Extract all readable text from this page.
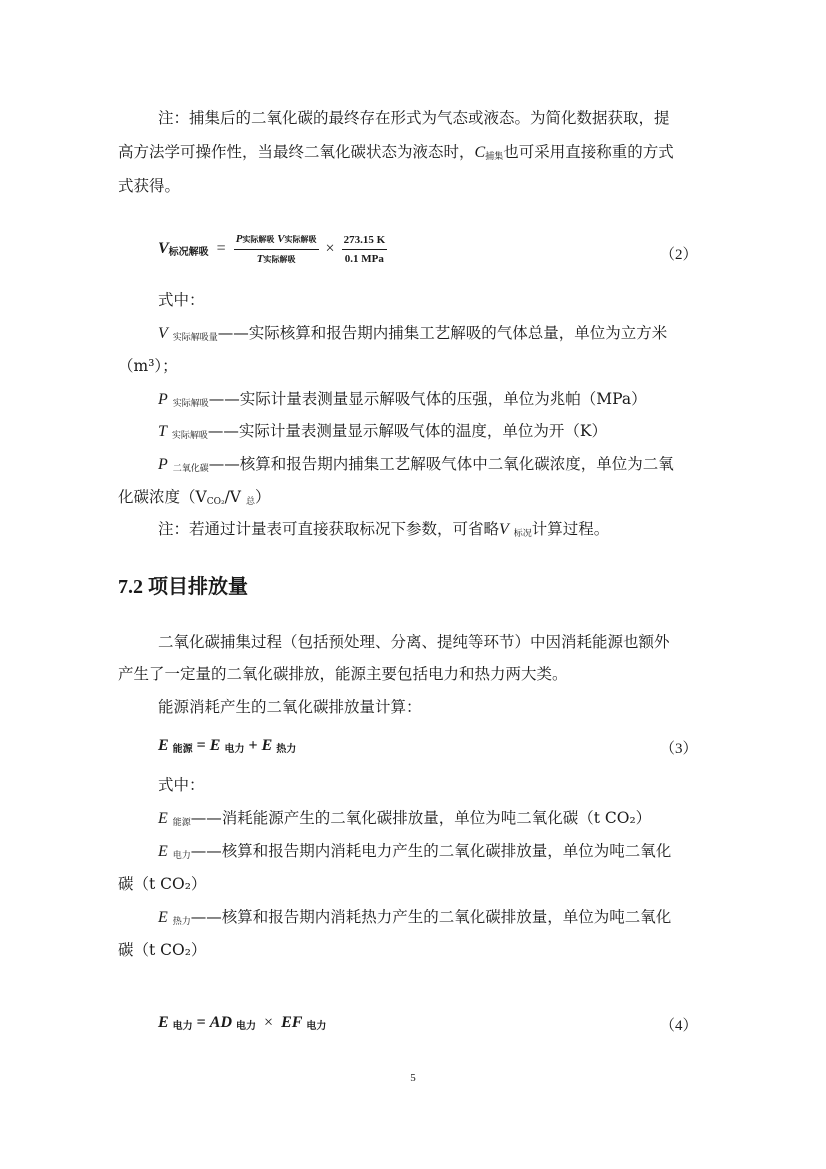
注：捕集后的二氧化碳的最终存在形式为气态或液态。为简化数据获取，提
高方法学可操作性，当最终二氧化碳状态为液态时，C捕集也可采用直接称重的方式
式获得。
V标况解吸 = $\frac{\text{P实际解吸 V实际解吸}}{\text{T实际解吸}} \times \frac{273.15 K}{\text{0.1 MPa}}$	（2）
式中：
V 实际解吸量——实际核算和报告期内捕集工艺解吸的气体总量，单位为立方米
（m³）；
P 实际解吸——实际计量表测量显示解吸气体的压强，单位为兆帕（MPa）
T 实际解吸——实际计量表测量显示解吸气体的温度，单位为开（K）
P 二氧化碳——核算和报告期内捕集工艺解吸气体中二氧化碳浓度，单位为二氧
化碳浓度（VCO₂/V 总）
注：若通过计量表可直接获取标况下参数，可省略V 标况计算过程。
7.2 项目排放量
二氧化碳捕集过程（包括预处理、分离、提纯等环节）中因消耗能源也额外
产生了一定量的二氧化碳排放，能源主要包括电力和热力两大类。
能源消耗产生的二氧化碳排放量计算：
E 能源 = E 电力 + E 热力	（3）
式中：
E 能源——消耗能源产生的二氧化碳排放量，单位为吨二氧化碳（t CO₂）
E 电力——核算和报告期内消耗电力产生的二氧化碳排放量，单位为吨二氧化
碳（t CO₂）
E 热力——核算和报告期内消耗热力产生的二氧化碳排放量，单位为吨二氧化
碳（t CO₂）
E 电力 = AD 电力 × EF 电力	（4）
5
